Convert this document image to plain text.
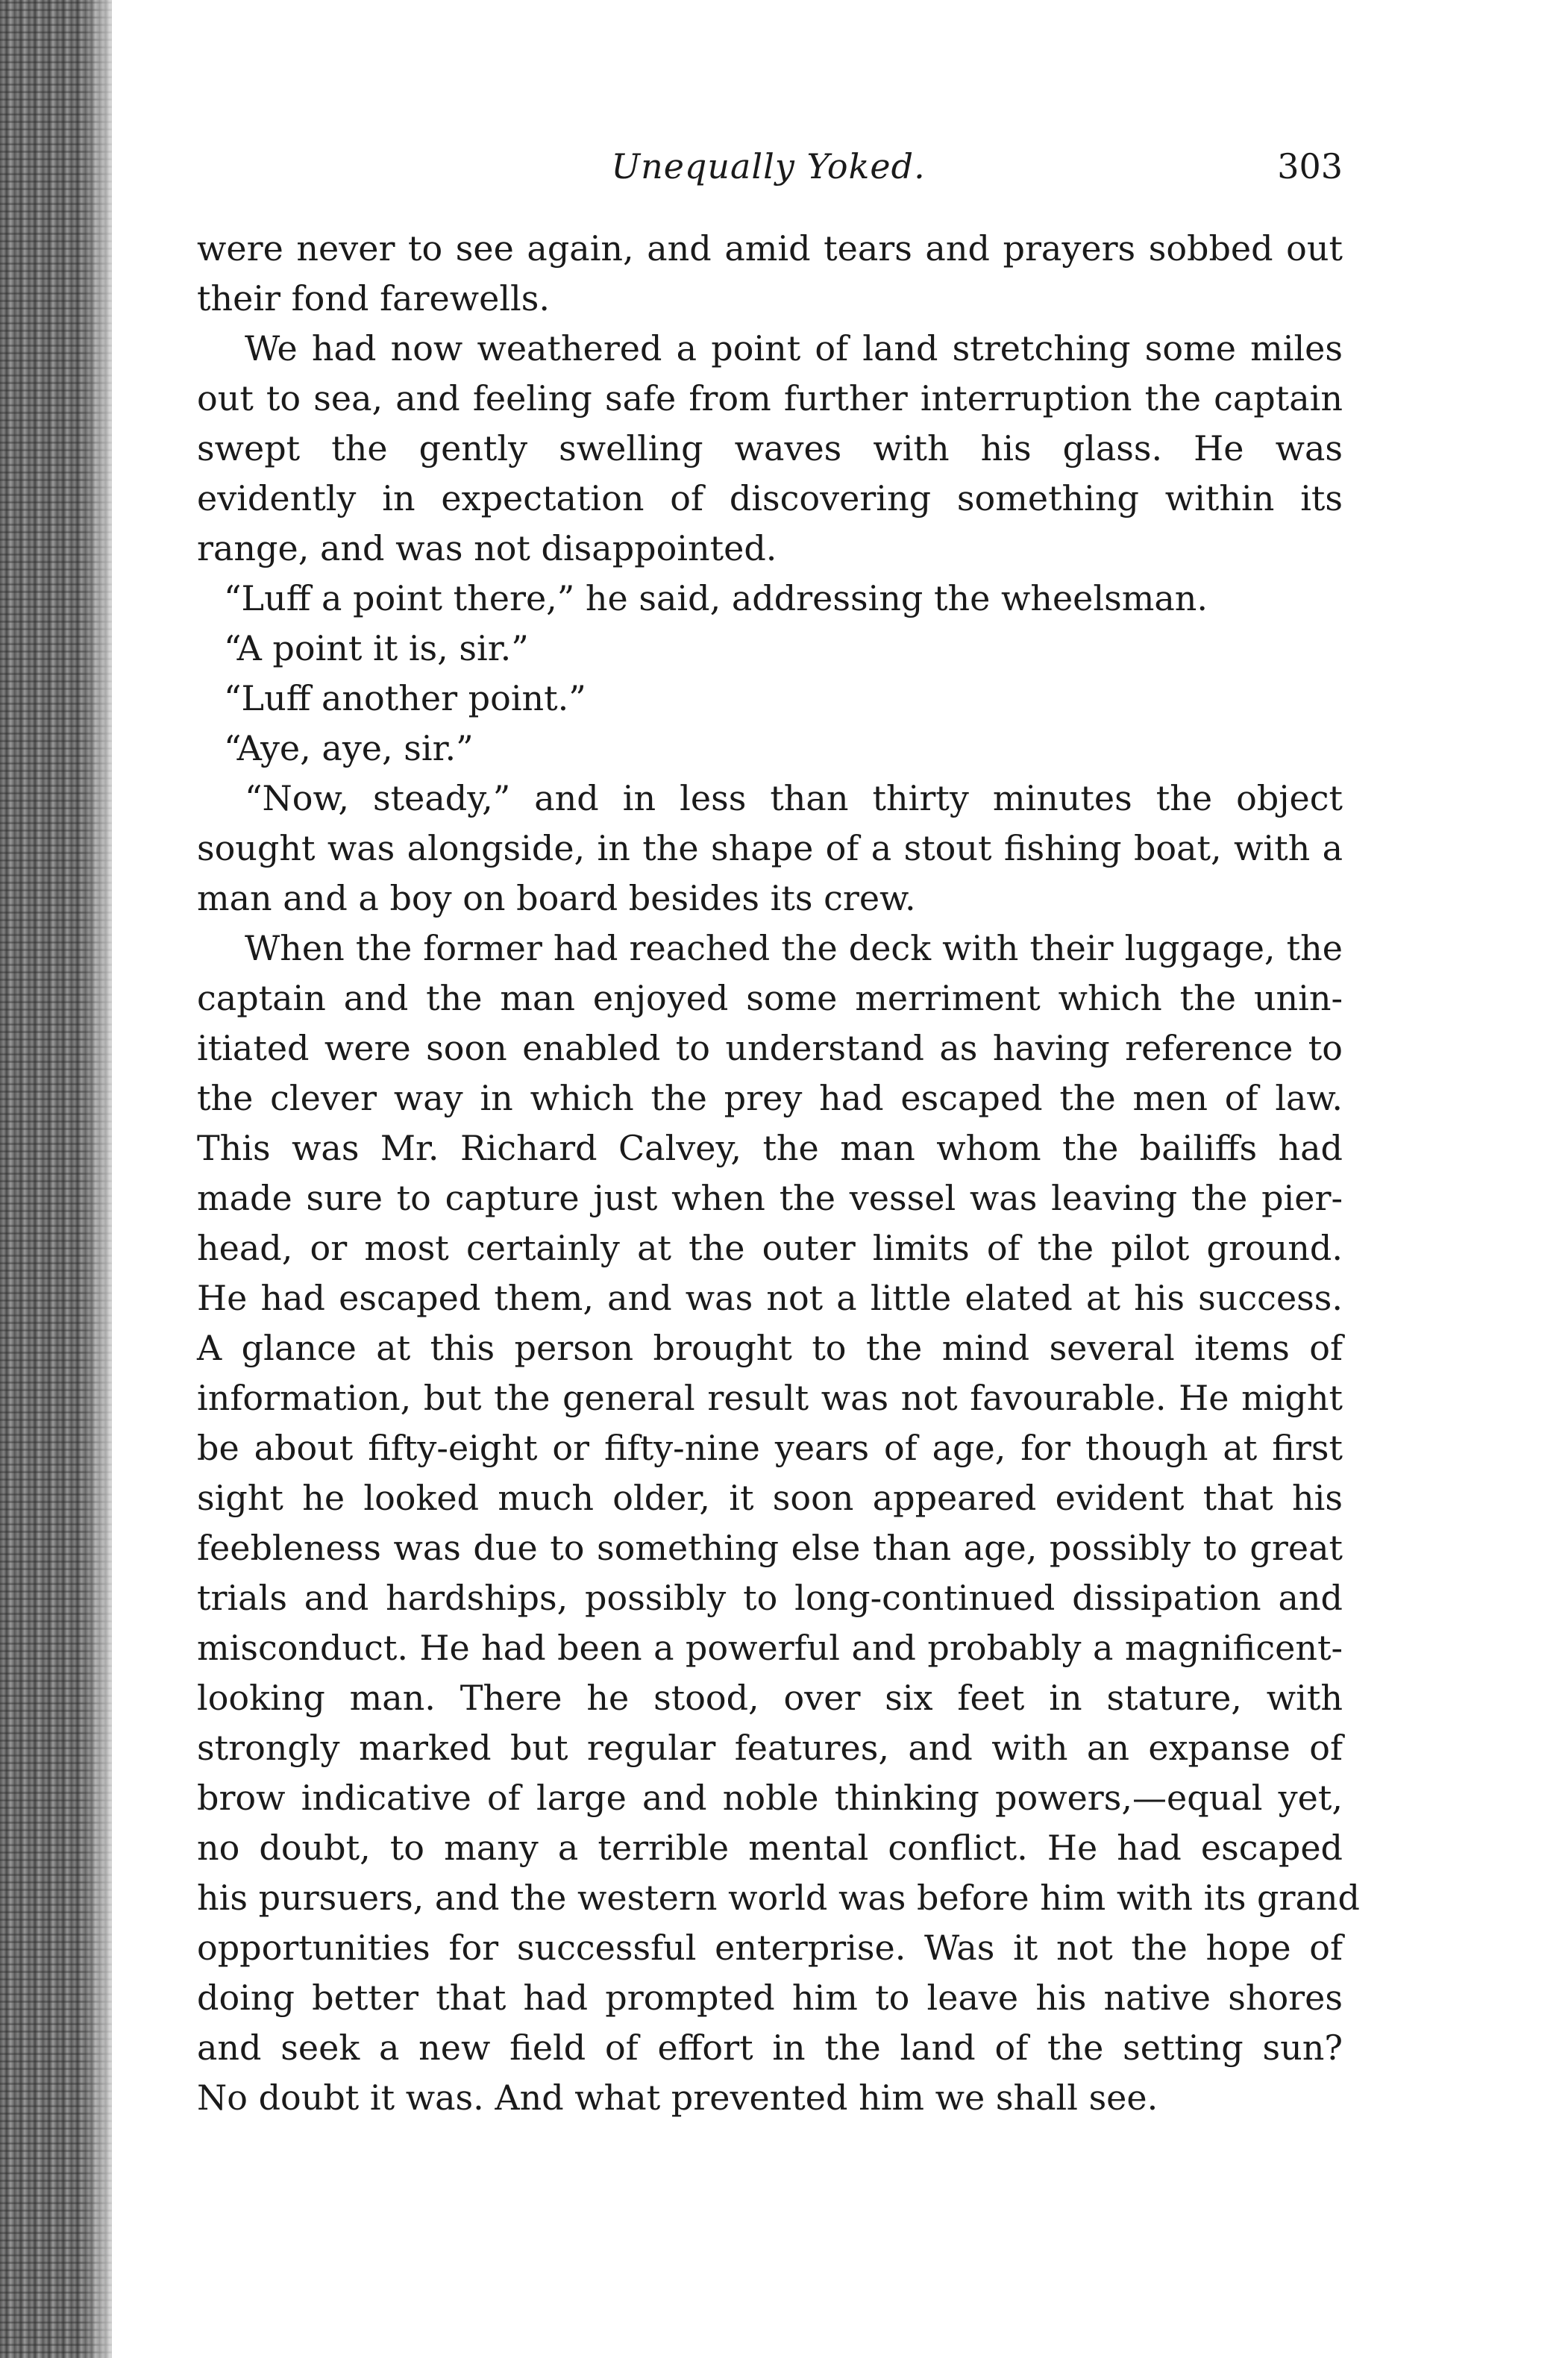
Unequally Yoked.	303
were never to see again, and amid tears and prayers sobbed out
their fond farewells.
We had now weathered a point of land stretching some miles
out to sea, and feeling safe from further interruption the captain
swept the gently swelling waves with his glass. He was
evidently in expectation of discovering something within its
range, and was not disappointed.
“Luff a point there,” he said, addressing the wheelsman.
“A point it is, sir.”
“Luff another point.”
“Aye, aye, sir.”
“Now, steady,” and in less than thirty minutes the object
sought was alongside, in the shape of a stout fishing boat, with a
man and a boy on board besides its crew.
When the former had reached the deck with their luggage, the
captain and the man enjoyed some merriment which the unin-
itiated were soon enabled to understand as having reference to
the clever way in which the prey had escaped the men of law.
This was Mr. Richard Calvey, the man whom the bailiffs had
made sure to capture just when the vessel was leaving the pier-
head, or most certainly at the outer limits of the pilot ground.
He had escaped them, and was not a little elated at his success.
A glance at this person brought to the mind several items of
information, but the general result was not favourable. He might
be about fifty-eight or fifty-nine years of age, for though at first
sight he looked much older, it soon appeared evident that his
feebleness was due to something else than age, possibly to great
trials and hardships, possibly to long-continued dissipation and
misconduct. He had been a powerful and probably a magnificent-
looking man. There he stood, over six feet in stature, with
strongly marked but regular features, and with an expanse of
brow indicative of large and noble thinking powers,—equal yet,
no doubt, to many a terrible mental conflict. He had escaped
his pursuers, and the western world was before him with its grand
opportunities for successful enterprise. Was it not the hope of
doing better that had prompted him to leave his native shores
and seek a new field of effort in the land of the setting sun?
No doubt it was. And what prevented him we shall see.
